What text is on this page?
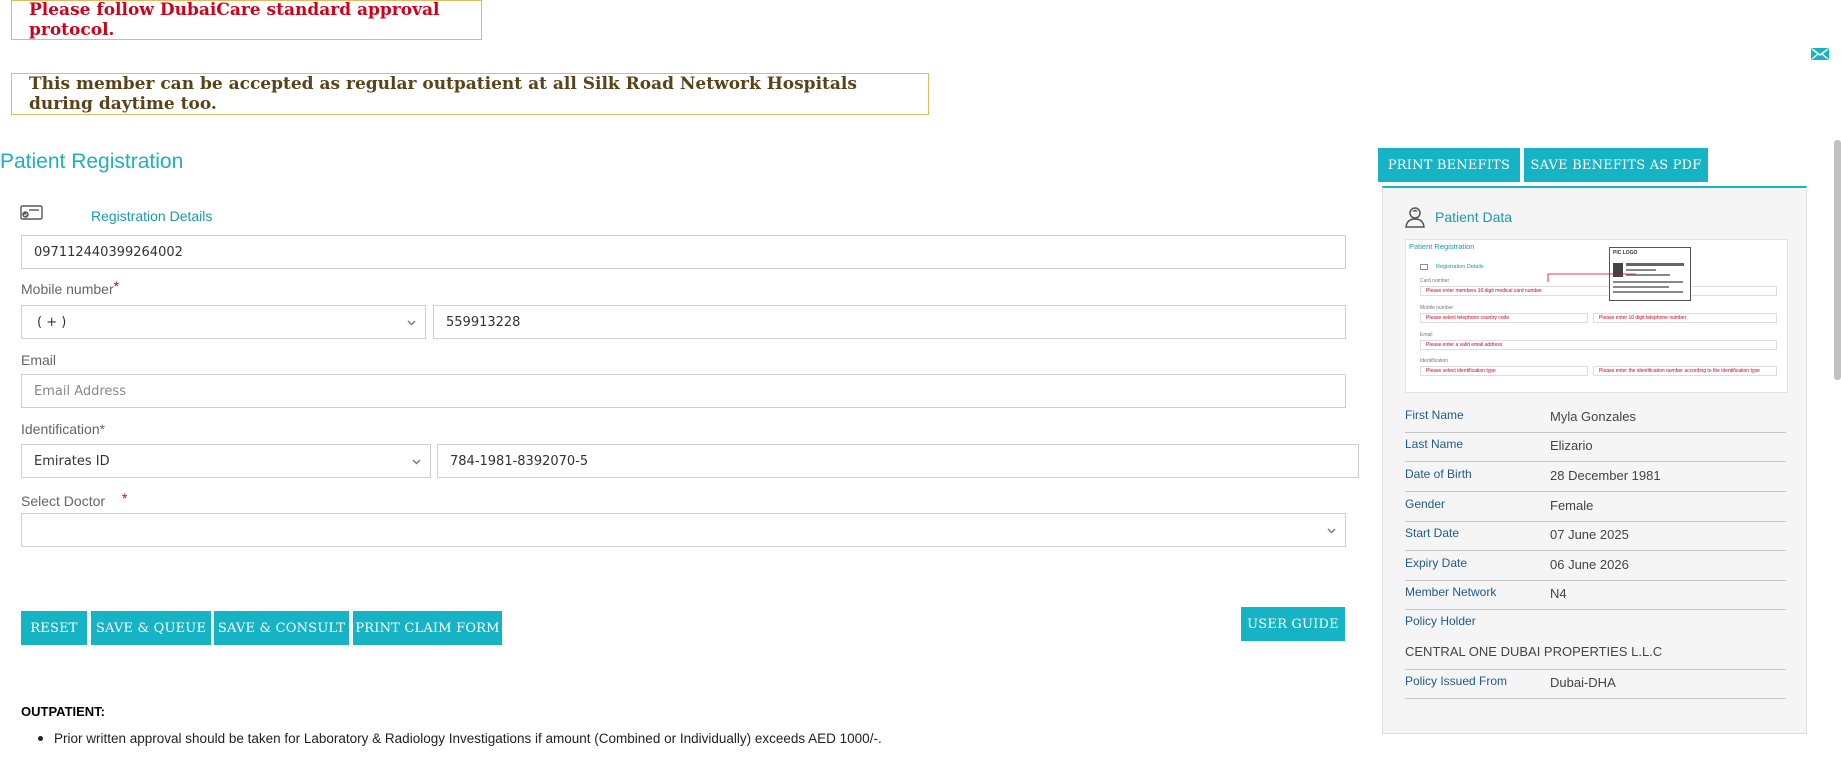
Please follow DubaiCare standard approval protocol.
This member can be accepted as regular outpatient at all Silk Road Network Hospitals during daytime too.
Patient Registration
Registration Details
097112440399264002
Mobile number*
( + )	559913228
Email
Email Address
Identification*
Emirates ID	784-1981-8392070-5
Select Doctor *
RESET	SAVE & QUEUE SAVE & CONSULT PRINT CLAIM FORM	USER GUIDE
OUTPATIENT:
Prior written approval should be taken for Laboratory & Radiology Investigations if amount (Combined or Individually) exceeds AED 1000/-.
PRINT BENEFITS	SAVE BENEFITS AS PDF
Patient Data
Patient Registration
Registration Details
Card number
Please enter members 16 digit medical card number
Mobile number
Please select telephone country code	Please enter 10 digit telephone number
Email
Please enter a valid email address
Identification
Please select identification type	Please enter the identification number according to the identification type
PIC LOGO
First Name	Myla Gonzales
Last Name	Elizario
Date of Birth	28 December 1981
Gender	Female
Start Date	07 June 2025
Expiry Date	06 June 2026
Member Network	N4
Policy Holder
CENTRAL ONE DUBAI PROPERTIES L.L.C
Policy Issued From	Dubai-DHA
